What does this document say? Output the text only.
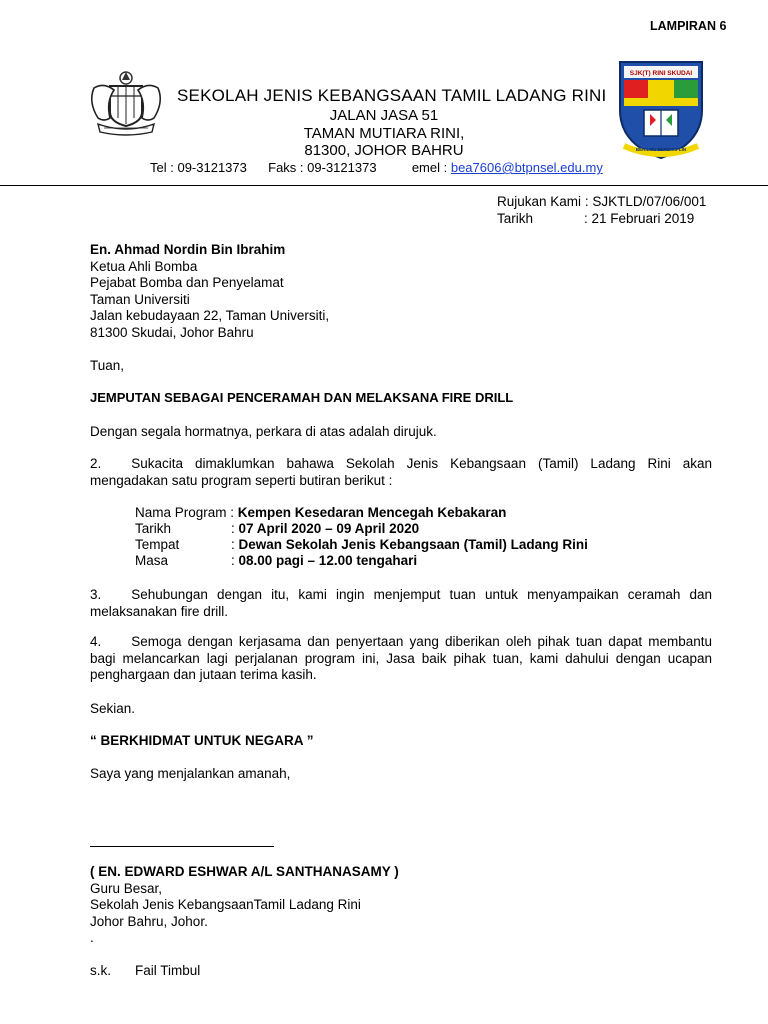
LAMPIRAN 6
SEKOLAH JENIS KEBANGSAAN TAMIL LADANG RINI
JALAN JASA 51
TAMAN MUTIARA RINI,
81300, JOHOR BAHRU
Tel : 09-3121373 Faks : 09-3121373	emel : bea7606@btpnsel.edu.my
SJK(T) RINI SKUDAI
BERILMU BERDISIPLIN
Rujukan Kami : SJKTLD/07/06/001
Tarikh	: 21 Februari 2019
En. Ahmad Nordin Bin Ibrahim
Ketua Ahli Bomba
Pejabat Bomba dan Penyelamat
Taman Universiti
Jalan kebudayaan 22, Taman Universiti,
81300 Skudai, Johor Bahru
Tuan,
JEMPUTAN SEBAGAI PENCERAMAH DAN MELAKSANA FIRE DRILL
Dengan segala hormatnya, perkara di atas adalah dirujuk.
2. Sukacita dimaklumkan bahawa Sekolah Jenis Kebangsaan (Tamil) Ladang Rini akan mengadakan satu program seperti butiran berikut :
Nama Program : Kempen Kesedaran Mencegah Kebakaran
Tarikh	: 07 April 2020 – 09 April 2020
Tempat	: Dewan Sekolah Jenis Kebangsaan (Tamil) Ladang Rini
Masa	: 08.00 pagi – 12.00 tengahari
3. Sehubungan dengan itu, kami ingin menjemput tuan untuk menyampaikan ceramah dan melaksanakan fire drill.
4. Semoga dengan kerjasama dan penyertaan yang diberikan oleh pihak tuan dapat membantu bagi melancarkan lagi perjalanan program ini, Jasa baik pihak tuan, kami dahului dengan ucapan penghargaan dan jutaan terima kasih.
Sekian.
“ BERKHIDMAT UNTUK NEGARA ”
Saya yang menjalankan amanah,
( EN. EDWARD ESHWAR A/L SANTHANASAMY )
Guru Besar,
Sekolah Jenis KebangsaanTamil Ladang Rini
Johor Bahru, Johor.
.
s.k. Fail Timbul
